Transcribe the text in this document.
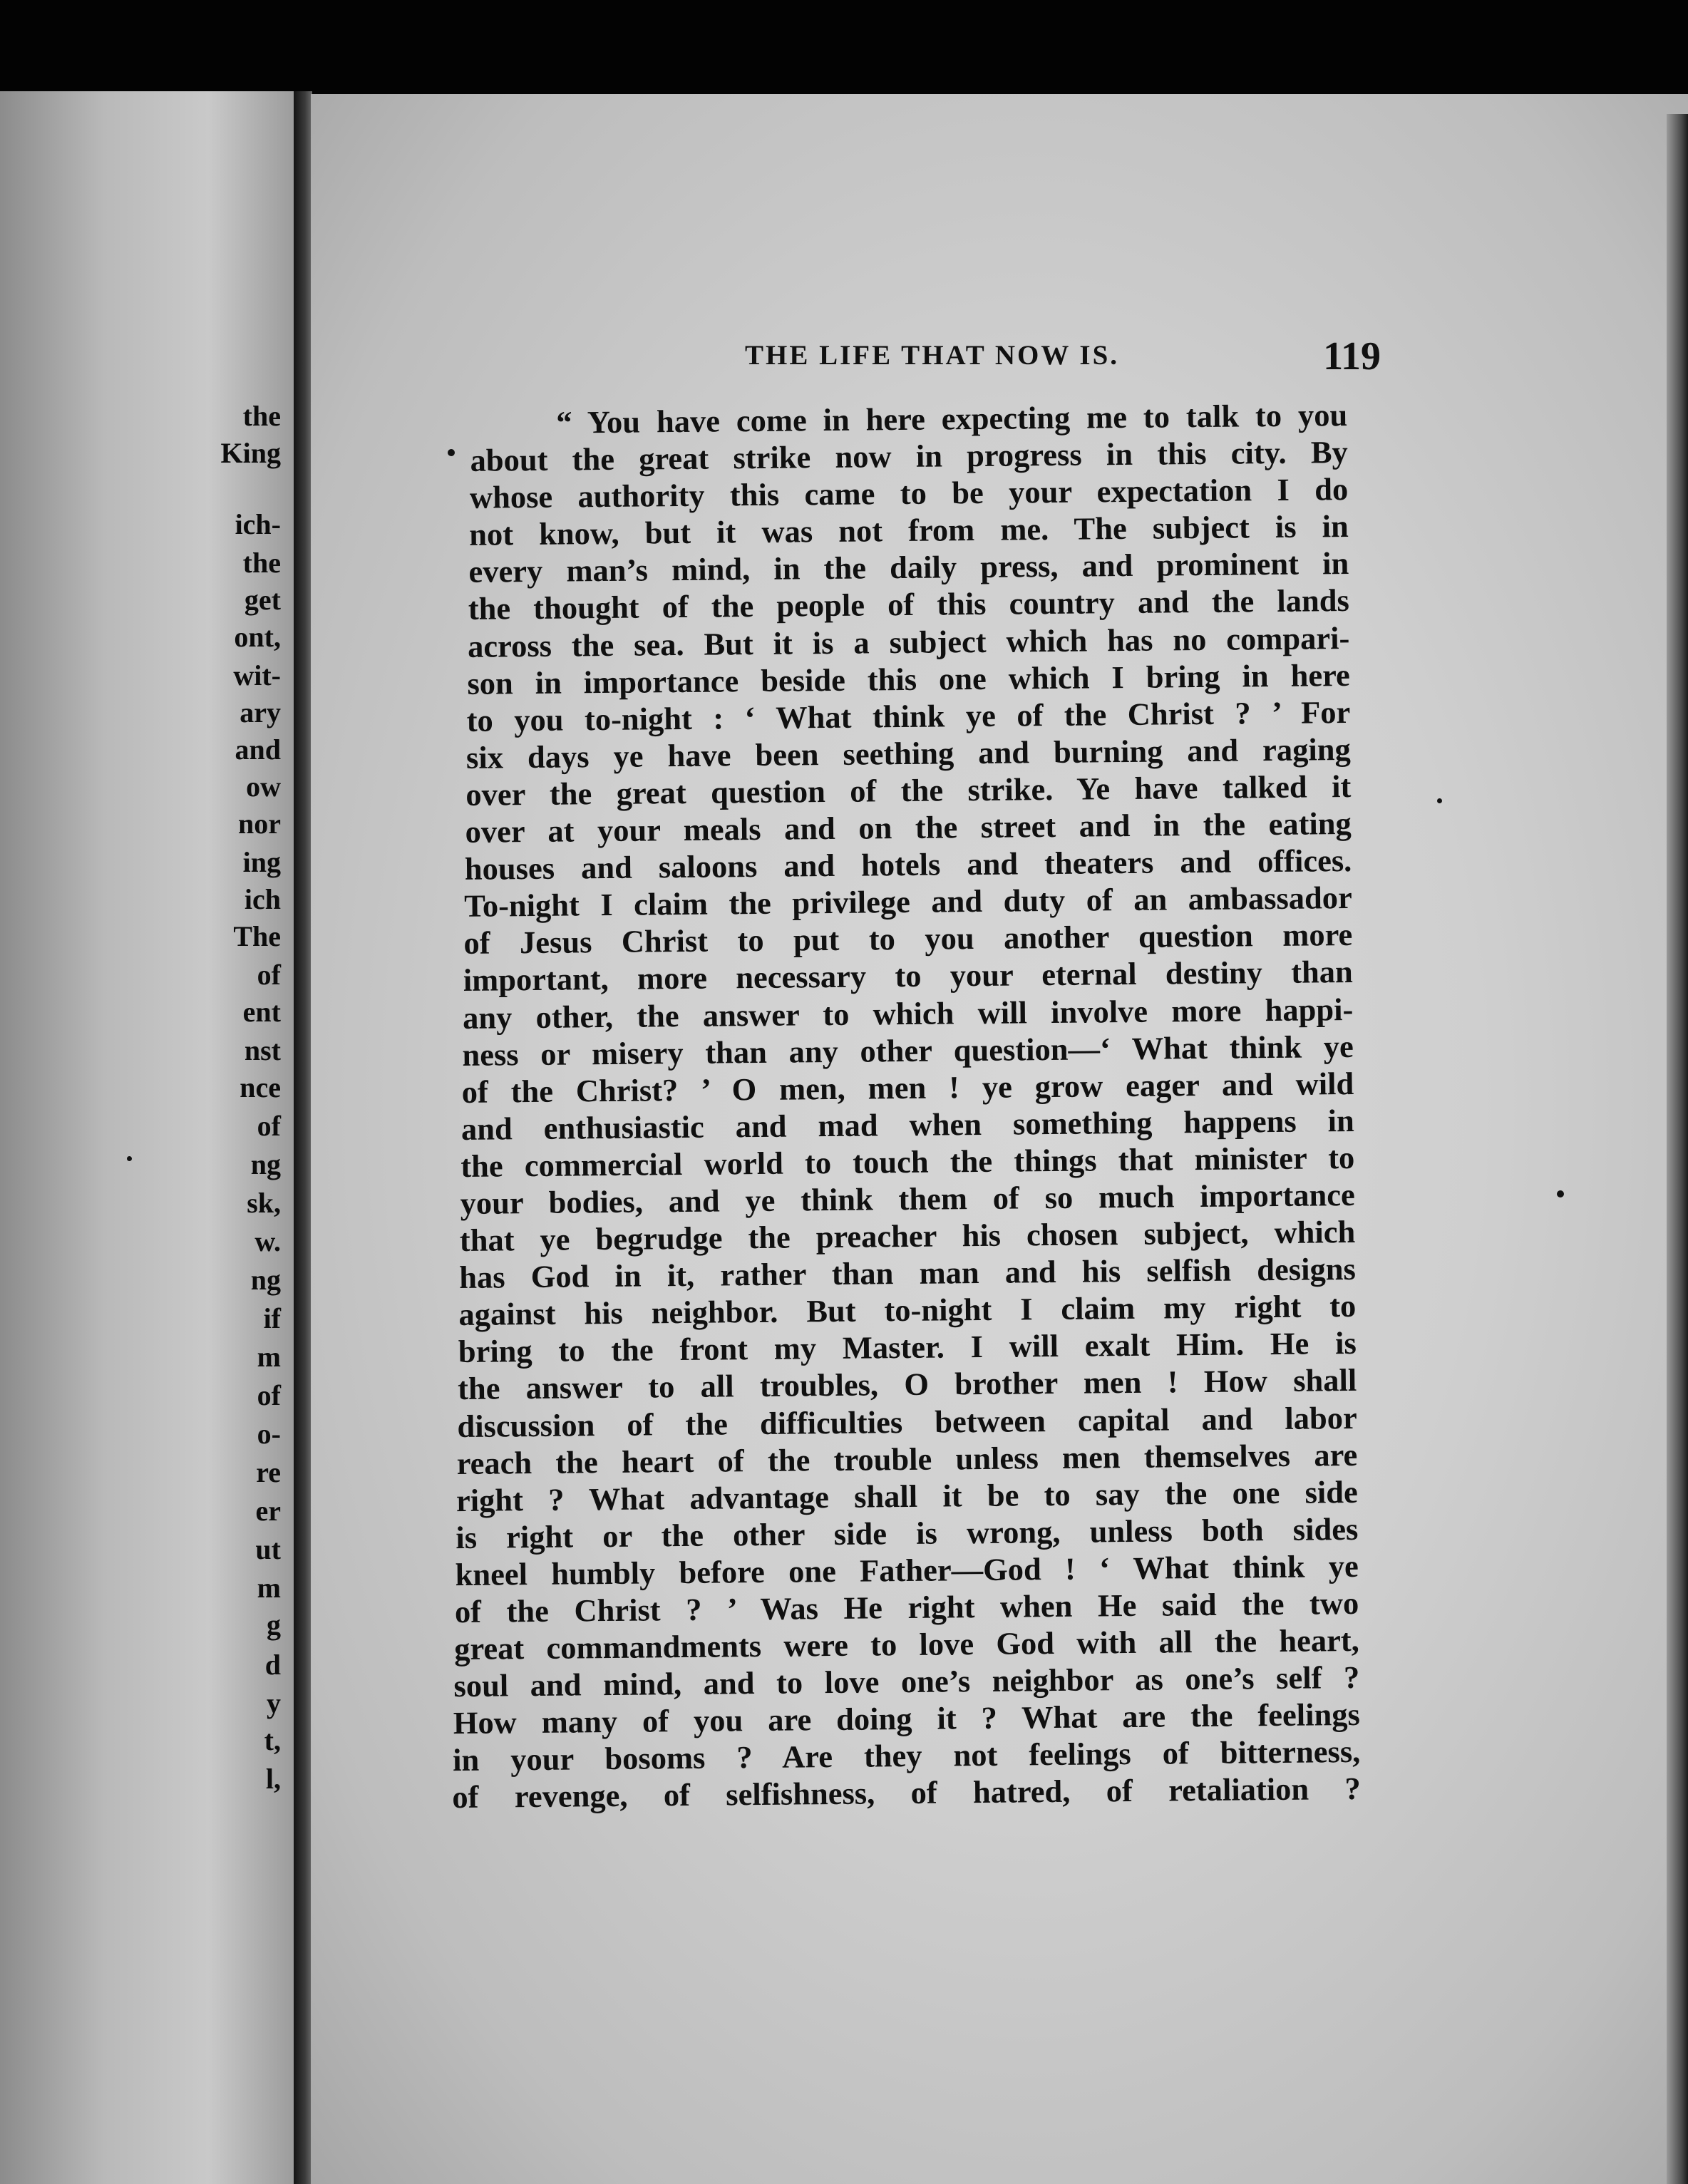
the
King
ich-
the
get
ont,
wit-
ary
and
ow
nor
ing
ich
The
of
ent
nst
nce
of
ng
sk,
w.
ng
if
m
of
o-
re
er
ut
m
g
d
y
t,
l,
THE LIFE THAT NOW IS.	119
“ You have come in here expecting me to talk to you
about the great strike now in progress in this city. By
whose authority this came to be your expectation I do
not know, but it was not from me. The subject is in
every man’s mind, in the daily press, and prominent in
the thought of the people of this country and the lands
across the sea. But it is a subject which has no compari-
son in importance beside this one which I bring in here
to you to-night : ‘ What think ye of the Christ ? ’ For
six days ye have been seething and burning and raging
over the great question of the strike. Ye have talked it
over at your meals and on the street and in the eating
houses and saloons and hotels and theaters and offices.
To-night I claim the privilege and duty of an ambassador
of Jesus Christ to put to you another question more
important, more necessary to your eternal destiny than
any other, the answer to which will involve more happi-
ness or misery than any other question—‘ What think ye
of the Christ? ’ O men, men ! ye grow eager and wild
and enthusiastic and mad when something happens in
the commercial world to touch the things that minister to
your bodies, and ye think them of so much importance
that ye begrudge the preacher his chosen subject, which
has God in it, rather than man and his selfish designs
against his neighbor. But to-night I claim my right to
bring to the front my Master. I will exalt Him. He is
the answer to all troubles, O brother men ! How shall
discussion of the difficulties between capital and labor
reach the heart of the trouble unless men themselves are
right ? What advantage shall it be to say the one side
is right or the other side is wrong, unless both sides
kneel humbly before one Father—God ! ‘ What think ye
of the Christ ? ’ Was He right when He said the two
great commandments were to love God with all the heart,
soul and mind, and to love one’s neighbor as one’s self ?
How many of you are doing it ? What are the feelings
in your bosoms ? Are they not feelings of bitterness,
of revenge, of selfishness, of hatred, of retaliation ?
